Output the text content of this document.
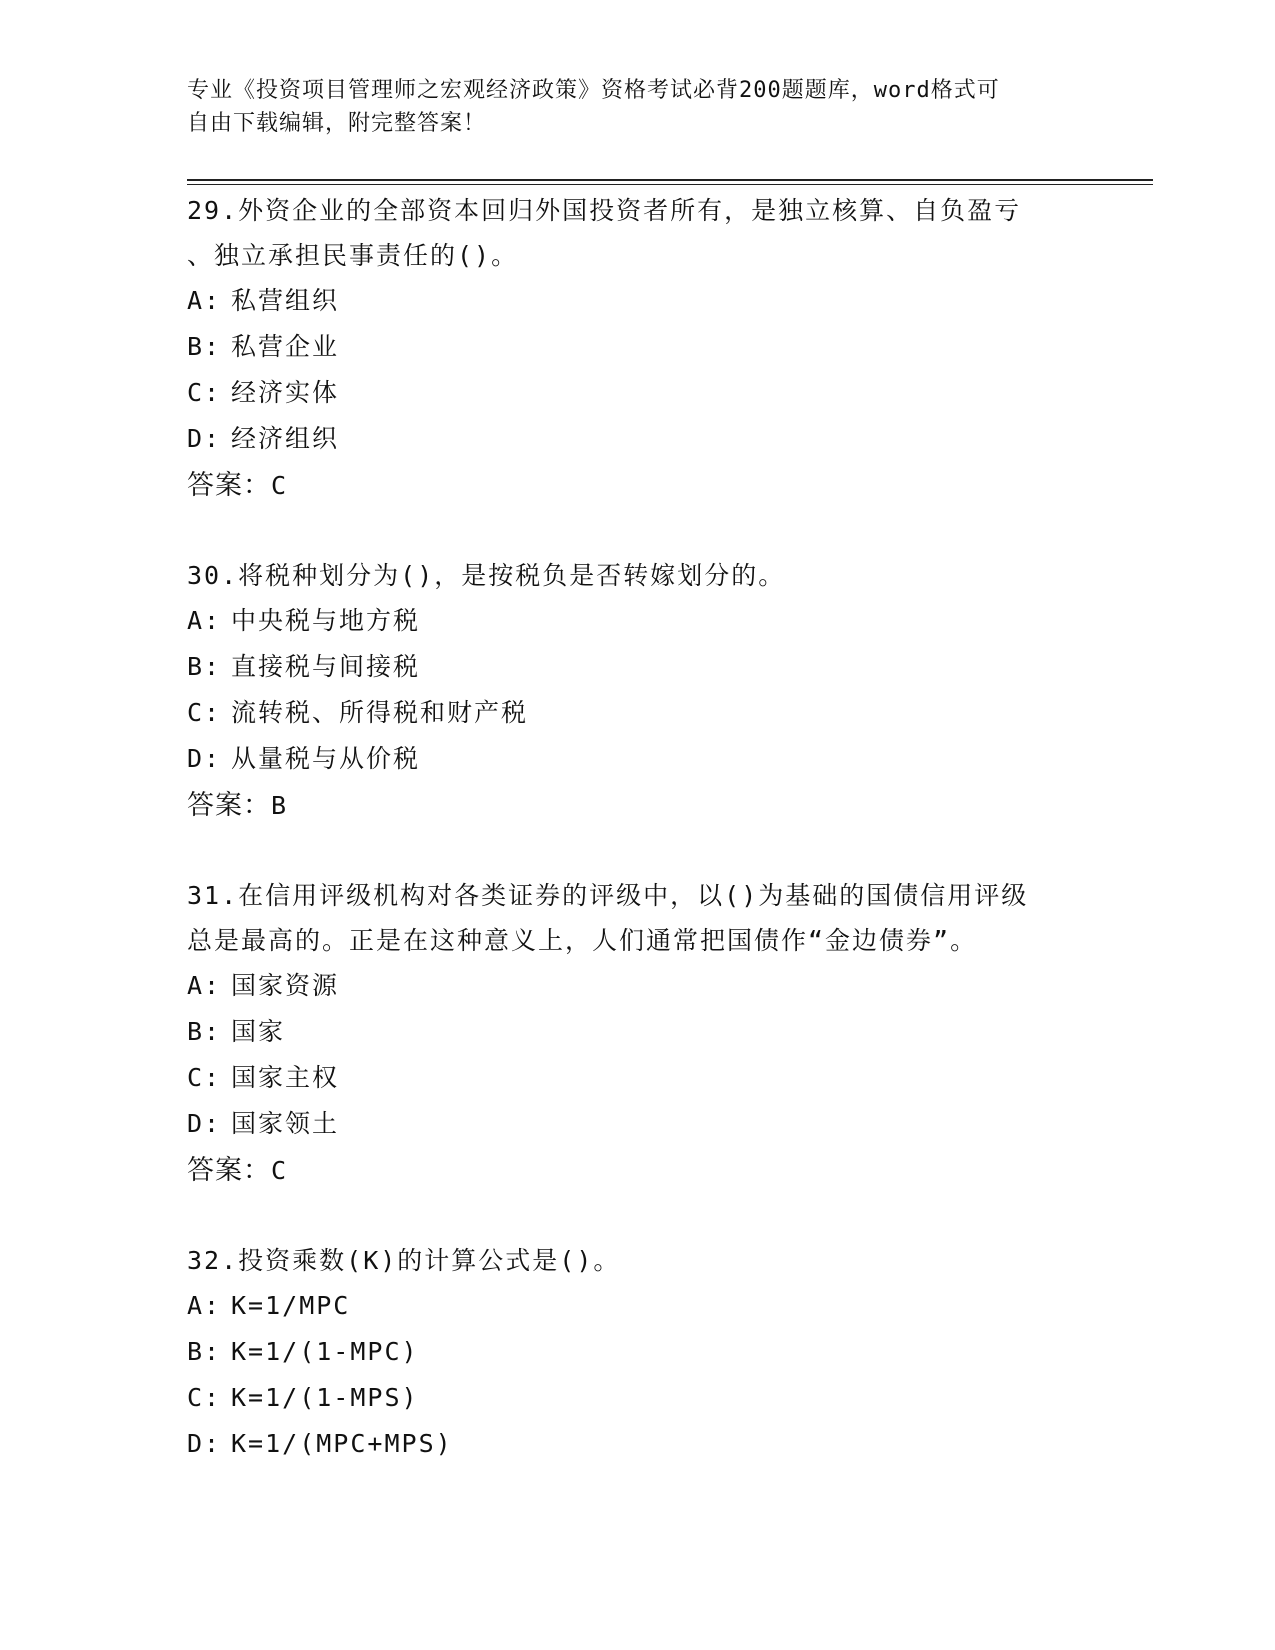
专业《投资项目管理师之宏观经济政策》资格考试必背200题题库，word格式可
自由下载编辑，附完整答案！

29.外资企业的全部资本回归外国投资者所有，是独立核算、自负盈亏

、独立承担民事责任的()。

A: 私营组织

B: 私营企业

C: 经济实体

D: 经济组织

答案：C

30.将税种划分为()，是按税负是否转嫁划分的。

A: 中央税与地方税

B: 直接税与间接税

C: 流转税、所得税和财产税

D: 从量税与从价税

答案：B

31.在信用评级机构对各类证券的评级中，以()为基础的国债信用评级

总是最高的。正是在这种意义上，人们通常把国债作“金边债券”。

A: 国家资源

B: 国家

C: 国家主权

D: 国家领土

答案：C

32.投资乘数(K)的计算公式是()。

A: K=1/MPC

B: K=1/(1-MPC)

C: K=1/(1-MPS)

D: K=1/(MPC+MPS)
